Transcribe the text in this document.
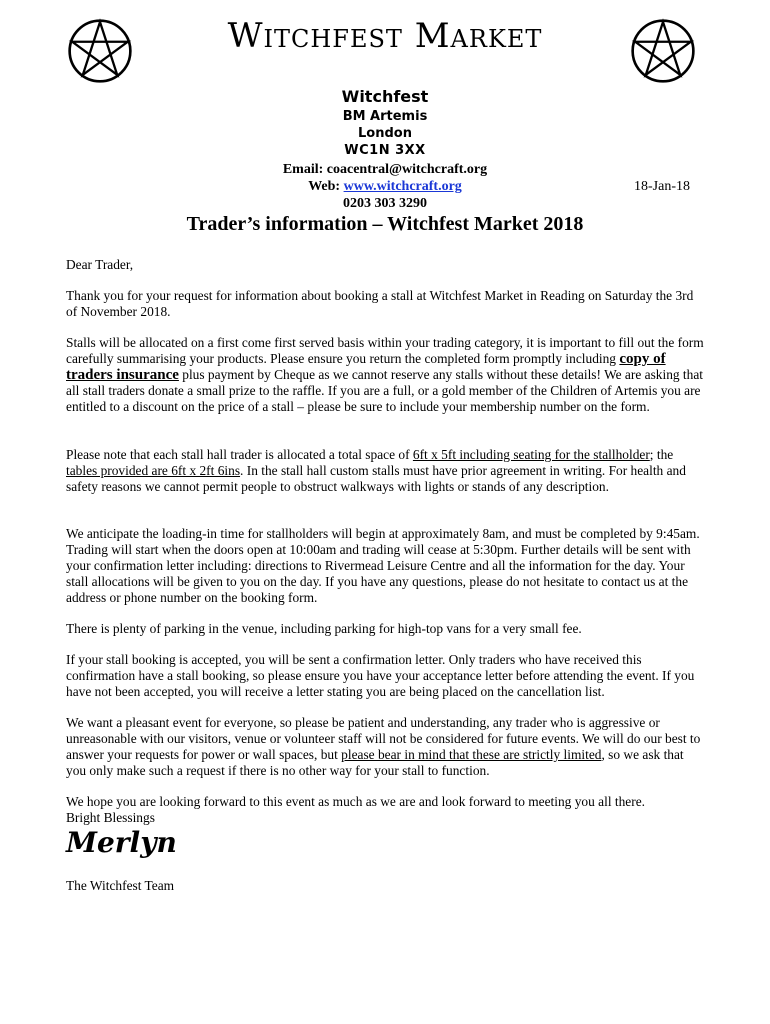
Witchfest Market
Witchfest
BM Artemis
London
WC1N 3XX
Email: coacentral@witchcraft.org
Web: www.witchcraft.org
0203 303 3290
18-Jan-18
Trader’s information – Witchfest Market 2018
Dear Trader,

Thank you for your request for information about booking a stall at Witchfest Market in Reading on Saturday the 3rd of November 2018.

Stalls will be allocated on a first come first served basis within your trading category, it is important to fill out the form carefully summarising your products. Please ensure you return the completed form promptly including copy of traders insurance plus payment by Cheque as we cannot reserve any stalls without these details! We are asking that all stall traders donate a small prize to the raffle. If you are a full, or a gold member of the Children of Artemis you are entitled to a discount on the price of a stall – please be sure to include your membership number on the form.

Please note that each stall hall trader is allocated a total space of 6ft x 5ft including seating for the stallholder; the tables provided are 6ft x 2ft 6ins. In the stall hall custom stalls must have prior agreement in writing. For health and safety reasons we cannot permit people to obstruct walkways with lights or stands of any description.

We anticipate the loading-in time for stallholders will begin at approximately 8am, and must be completed by 9:45am. Trading will start when the doors open at 10:00am and trading will cease at 5:30pm. Further details will be sent with your confirmation letter including: directions to Rivermead Leisure Centre and all the information for the day. Your stall allocations will be given to you on the day. If you have any questions, please do not hesitate to contact us at the address or phone number on the booking form.

There is plenty of parking in the venue, including parking for high-top vans for a very small fee.

If your stall booking is accepted, you will be sent a confirmation letter. Only traders who have received this confirmation have a stall booking, so please ensure you have your acceptance letter before attending the event. If you have not been accepted, you will receive a letter stating you are being placed on the cancellation list.

We want a pleasant event for everyone, so please be patient and understanding, any trader who is aggressive or unreasonable with our visitors, venue or volunteer staff will not be considered for future events. We will do our best to answer your requests for power or wall spaces, but please bear in mind that these are strictly limited, so we ask that you only make such a request if there is no other way for your stall to function.

We hope you are looking forward to this event as much as we are and look forward to meeting you all there.

Bright Blessings

Merlyn
The Witchfest Team
